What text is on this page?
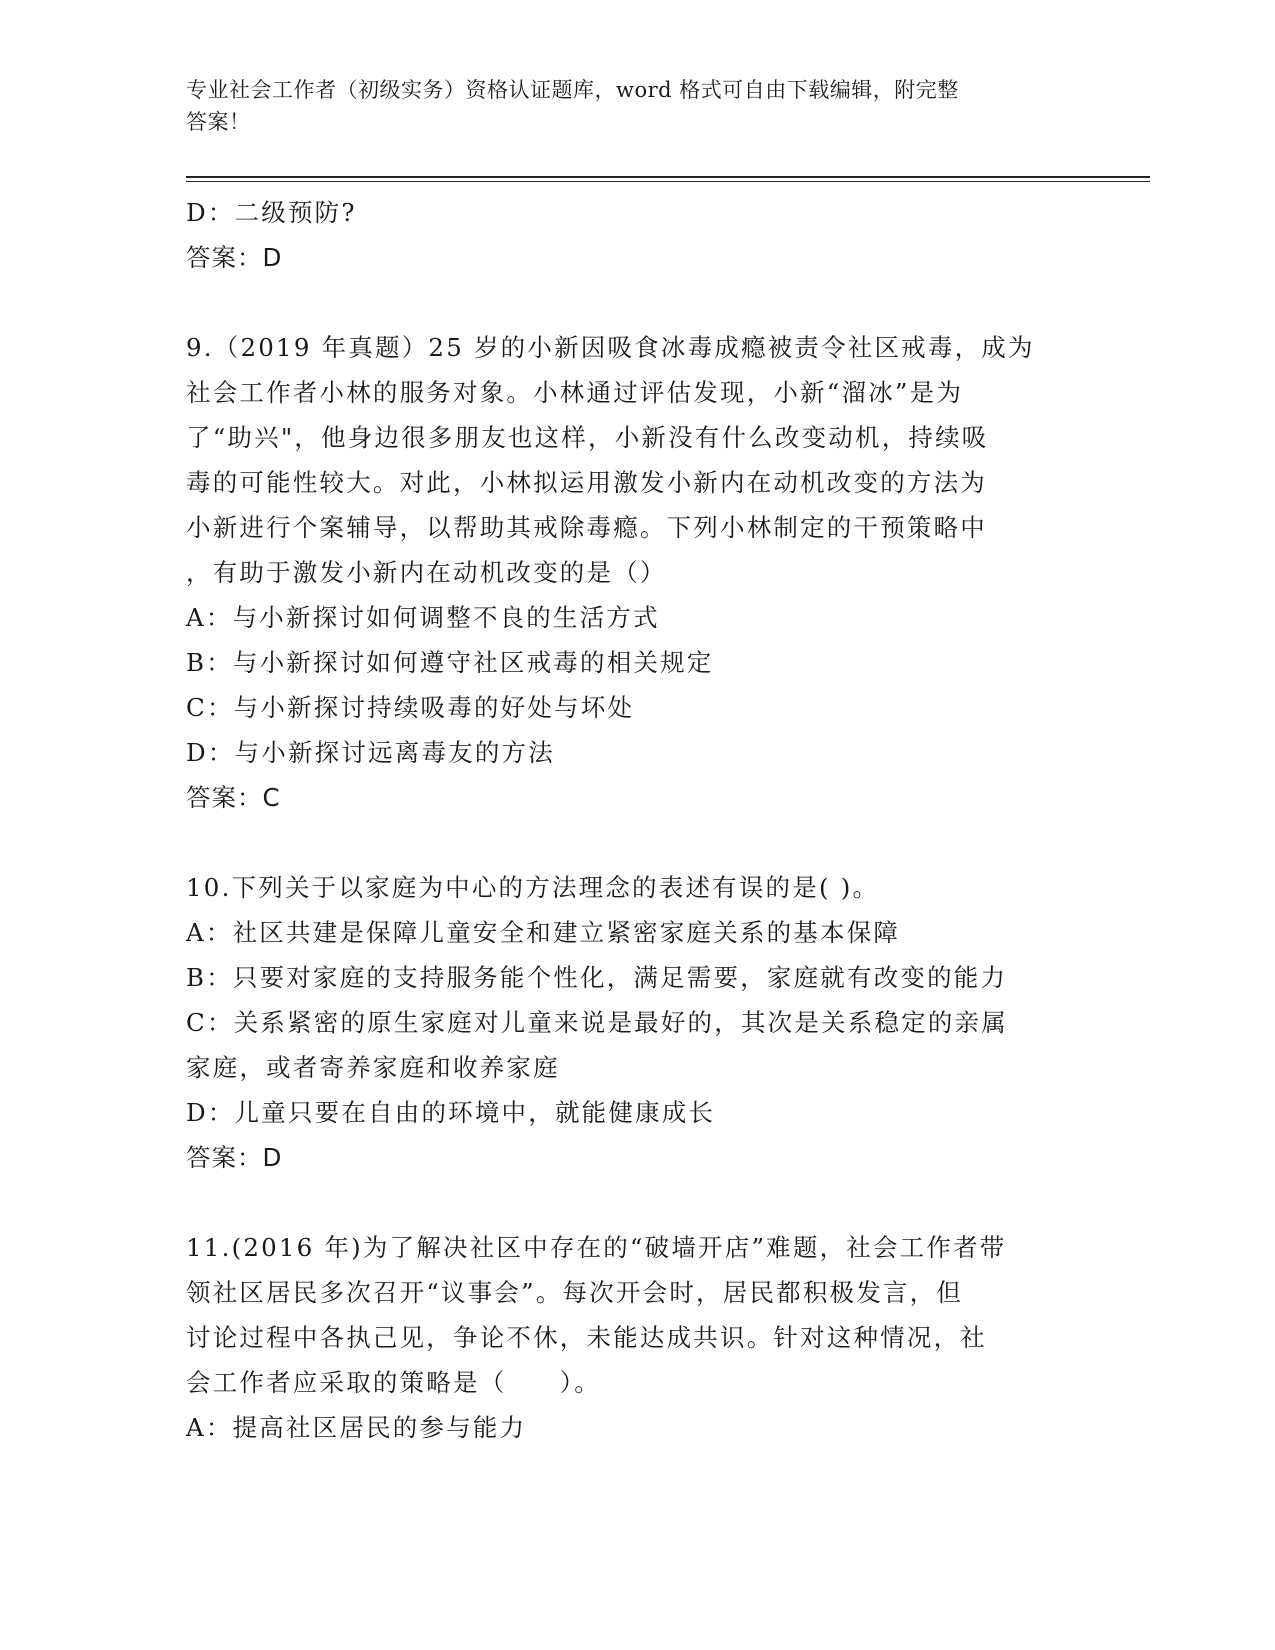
专业社会工作者（初级实务）资格认证题库，word 格式可自由下载编辑，附完整
答案！
D：二级预防?
答案：D
9.（2019 年真题）25 岁的小新因吸食冰毒成瘾被责令社区戒毒，成为
社会工作者小林的服务对象。小林通过评估发现，小新“溜冰”是为
了“助兴"，他身边很多朋友也这样，小新没有什么改变动机，持续吸
毒的可能性较大。对此，小林拟运用激发小新内在动机改变的方法为
小新进行个案辅导，以帮助其戒除毒瘾。下列小林制定的干预策略中
，有助于激发小新内在动机改变的是（）
A：与小新探讨如何调整不良的生活方式
B：与小新探讨如何遵守社区戒毒的相关规定
C：与小新探讨持续吸毒的好处与坏处
D：与小新探讨远离毒友的方法
答案：C
10.下列关于以家庭为中心的方法理念的表述有误的是( )。
A：社区共建是保障儿童安全和建立紧密家庭关系的基本保障
B：只要对家庭的支持服务能个性化，满足需要，家庭就有改变的能力
C：关系紧密的原生家庭对儿童来说是最好的，其次是关系稳定的亲属
家庭，或者寄养家庭和收养家庭
D：儿童只要在自由的环境中，就能健康成长
答案：D
11.(2016 年)为了解决社区中存在的“破墙开店”难题，社会工作者带
领社区居民多次召开“议事会”。每次开会时，居民都积极发言，但
讨论过程中各执己见，争论不休，未能达成共识。针对这种情况，社
会工作者应采取的策略是（　　）。
A：提高社区居民的参与能力
